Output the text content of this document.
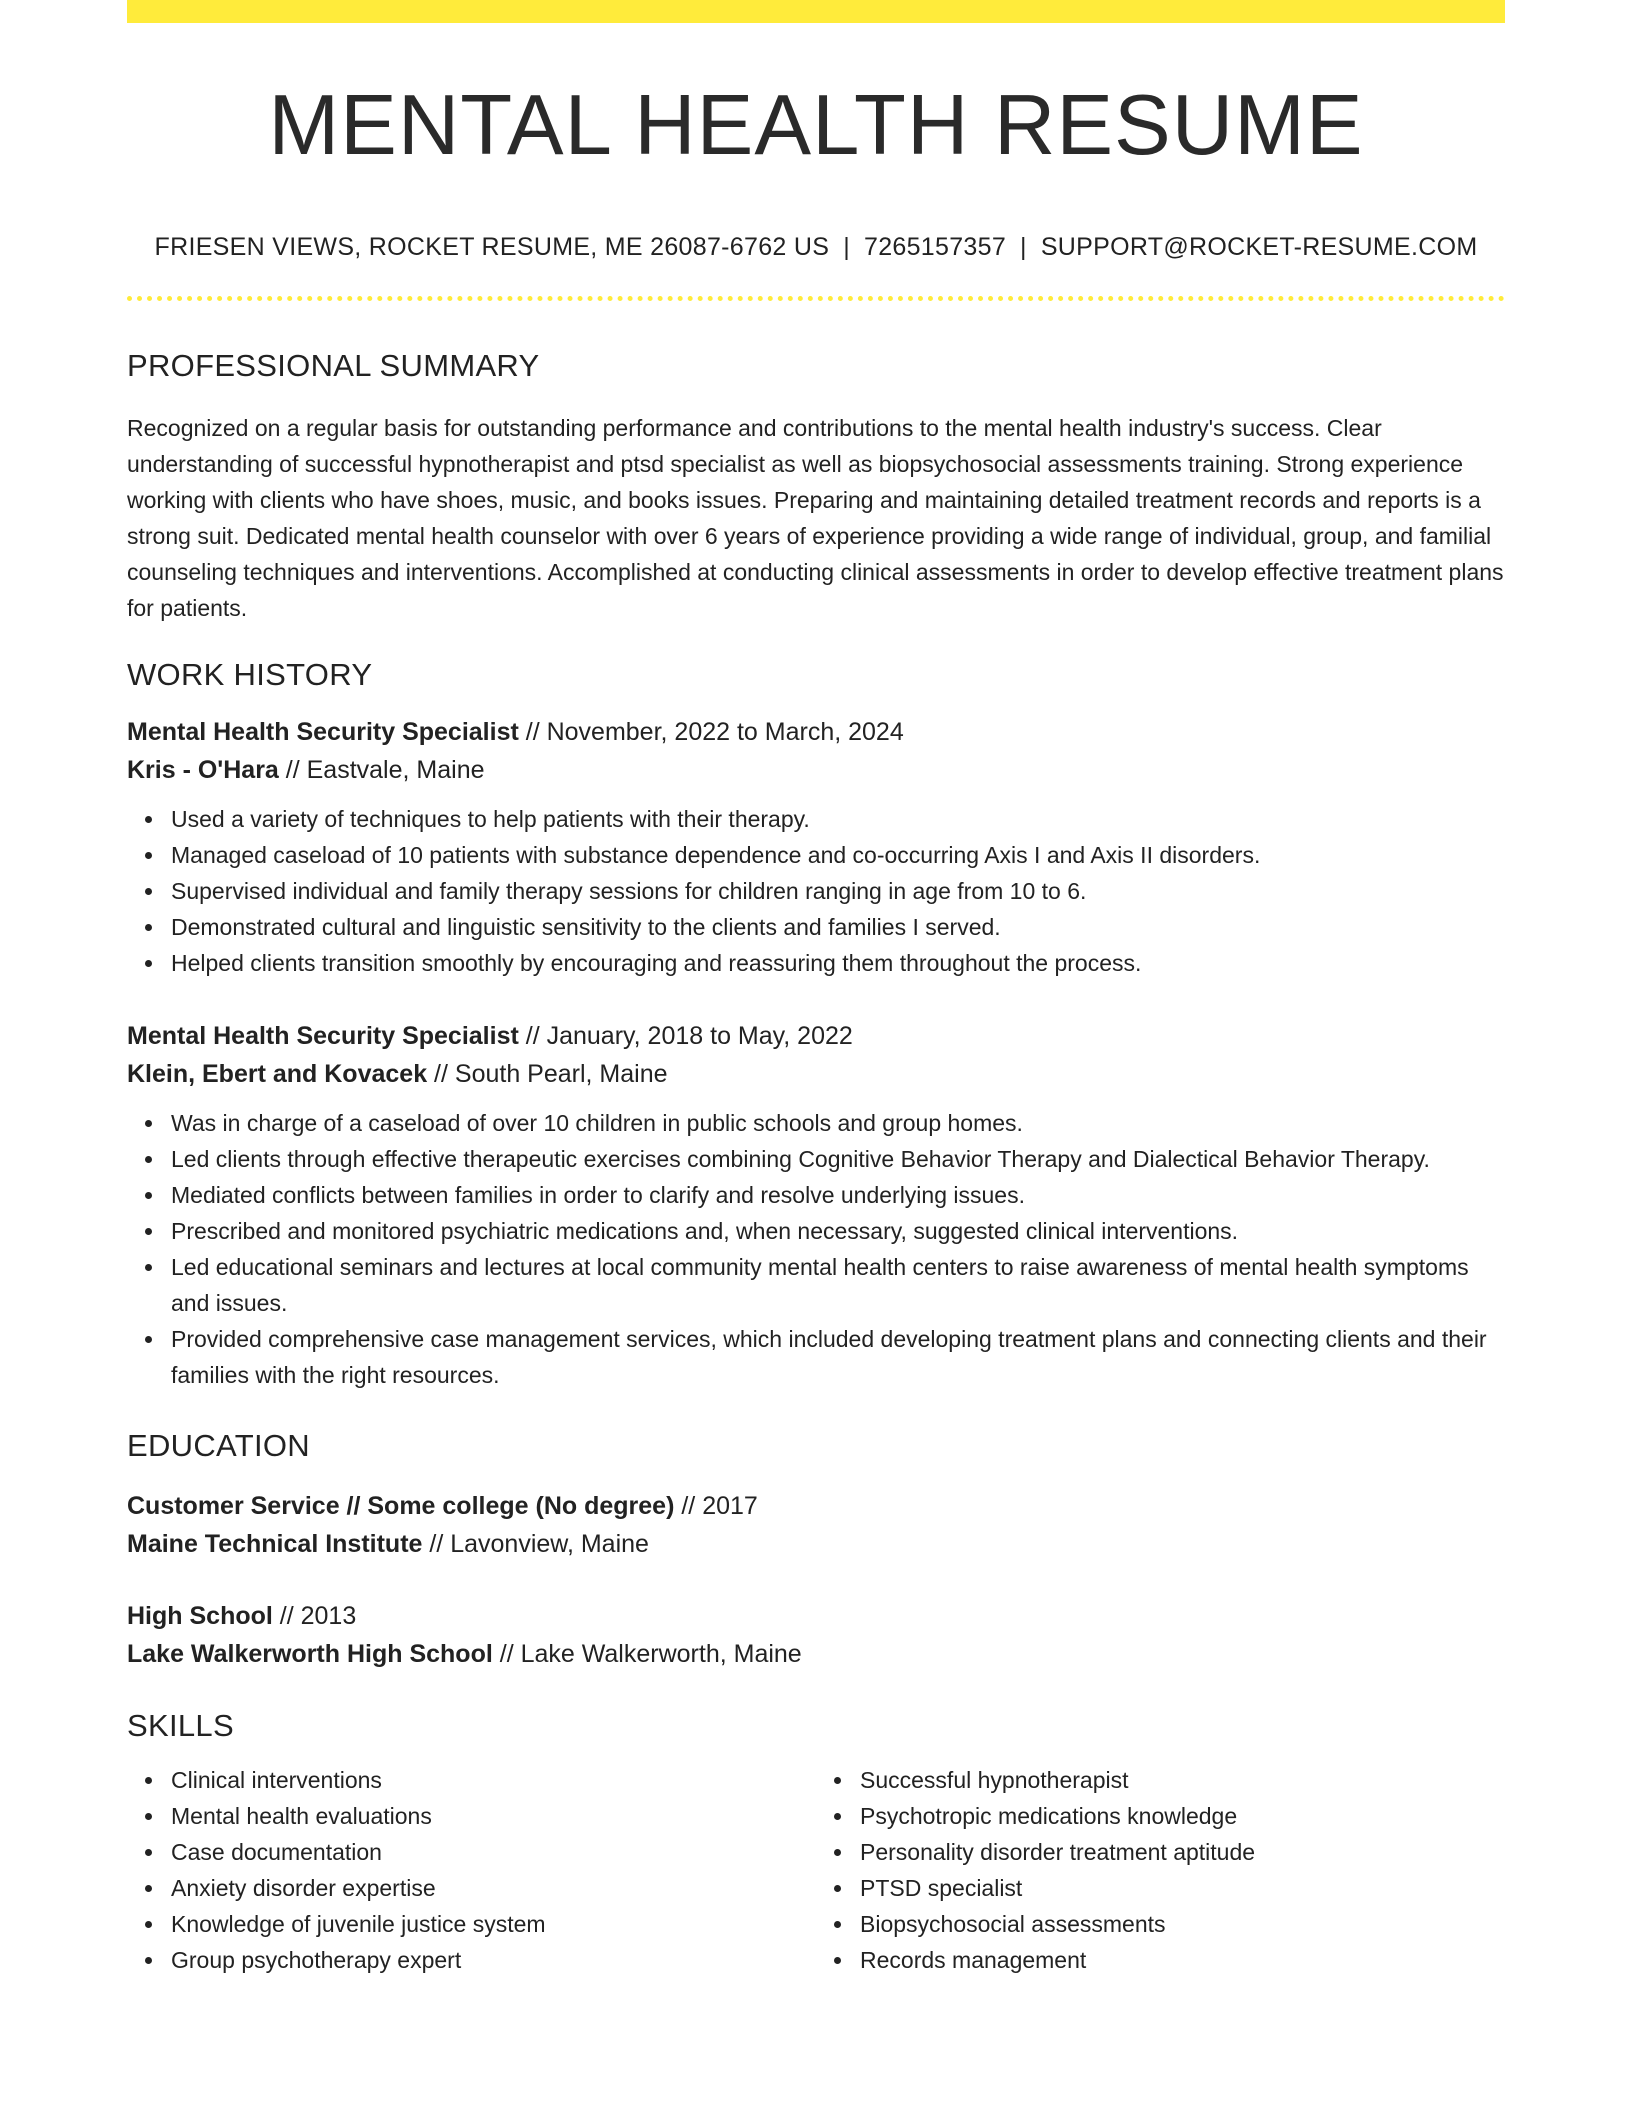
MENTAL HEALTH RESUME
FRIESEN VIEWS, ROCKET RESUME, ME 26087-6762 US | 7265157357 | SUPPORT@ROCKET-RESUME.COM
PROFESSIONAL SUMMARY
Recognized on a regular basis for outstanding performance and contributions to the mental health industry's success. Clear understanding of successful hypnotherapist and ptsd specialist as well as biopsychosocial assessments training. Strong experience working with clients who have shoes, music, and books issues. Preparing and maintaining detailed treatment records and reports is a strong suit. Dedicated mental health counselor with over 6 years of experience providing a wide range of individual, group, and familial counseling techniques and interventions. Accomplished at conducting clinical assessments in order to develop effective treatment plans for patients.
WORK HISTORY
Mental Health Security Specialist // November, 2022 to March, 2024
Kris - O'Hara // Eastvale, Maine
Used a variety of techniques to help patients with their therapy.
Managed caseload of 10 patients with substance dependence and co-occurring Axis I and Axis II disorders.
Supervised individual and family therapy sessions for children ranging in age from 10 to 6.
Demonstrated cultural and linguistic sensitivity to the clients and families I served.
Helped clients transition smoothly by encouraging and reassuring them throughout the process.
Mental Health Security Specialist // January, 2018 to May, 2022
Klein, Ebert and Kovacek // South Pearl, Maine
Was in charge of a caseload of over 10 children in public schools and group homes.
Led clients through effective therapeutic exercises combining Cognitive Behavior Therapy and Dialectical Behavior Therapy.
Mediated conflicts between families in order to clarify and resolve underlying issues.
Prescribed and monitored psychiatric medications and, when necessary, suggested clinical interventions.
Led educational seminars and lectures at local community mental health centers to raise awareness of mental health symptoms and issues.
Provided comprehensive case management services, which included developing treatment plans and connecting clients and their families with the right resources.
EDUCATION
Customer Service // Some college (No degree) // 2017
Maine Technical Institute // Lavonview, Maine
High School // 2013
Lake Walkerworth High School // Lake Walkerworth, Maine
SKILLS
Clinical interventions
Mental health evaluations
Case documentation
Anxiety disorder expertise
Knowledge of juvenile justice system
Group psychotherapy expert
Successful hypnotherapist
Psychotropic medications knowledge
Personality disorder treatment aptitude
PTSD specialist
Biopsychosocial assessments
Records management
